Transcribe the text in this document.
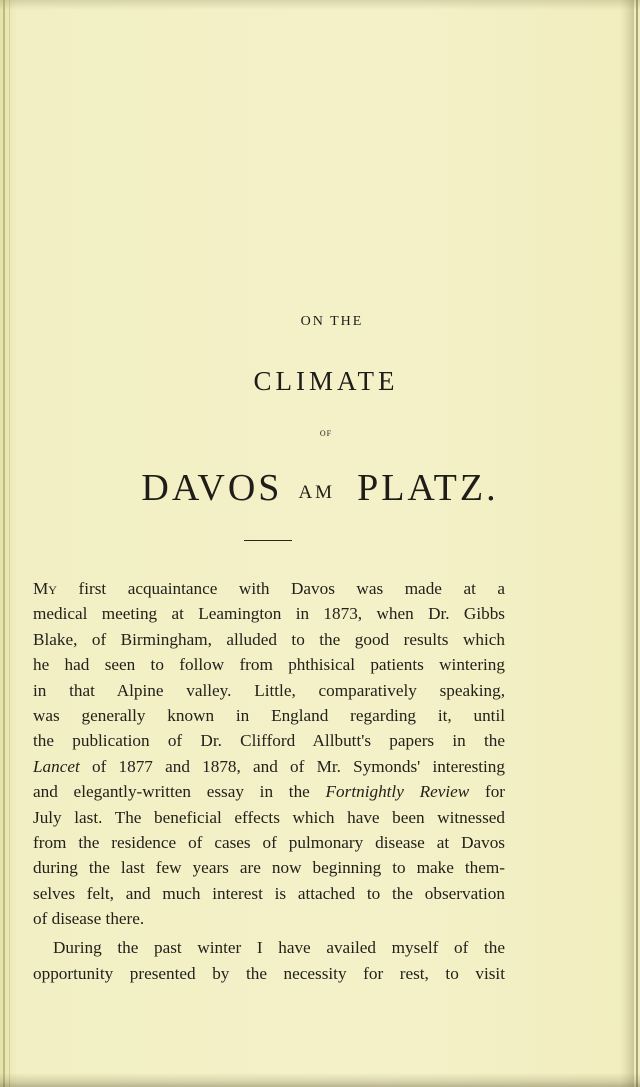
ON THE
CLIMATE
OF
DAVOS AM PLATZ.
My first acquaintance with Davos was made at a
medical meeting at Leamington in 1873, when Dr. Gibbs
Blake, of Birmingham, alluded to the good results which
he had seen to follow from phthisical patients wintering
in that Alpine valley. Little, comparatively speaking,
was generally known in England regarding it, until
the publication of Dr. Clifford Allbutt's papers in the
Lancet of 1877 and 1878, and of Mr. Symonds' interesting
and elegantly-written essay in the Fortnightly Review for
July last. The beneficial effects which have been witnessed
from the residence of cases of pulmonary disease at Davos
during the last few years are now beginning to make them-
selves felt, and much interest is attached to the observation
of disease there.
During the past winter I have availed myself of the
opportunity presented by the necessity for rest, to visit
